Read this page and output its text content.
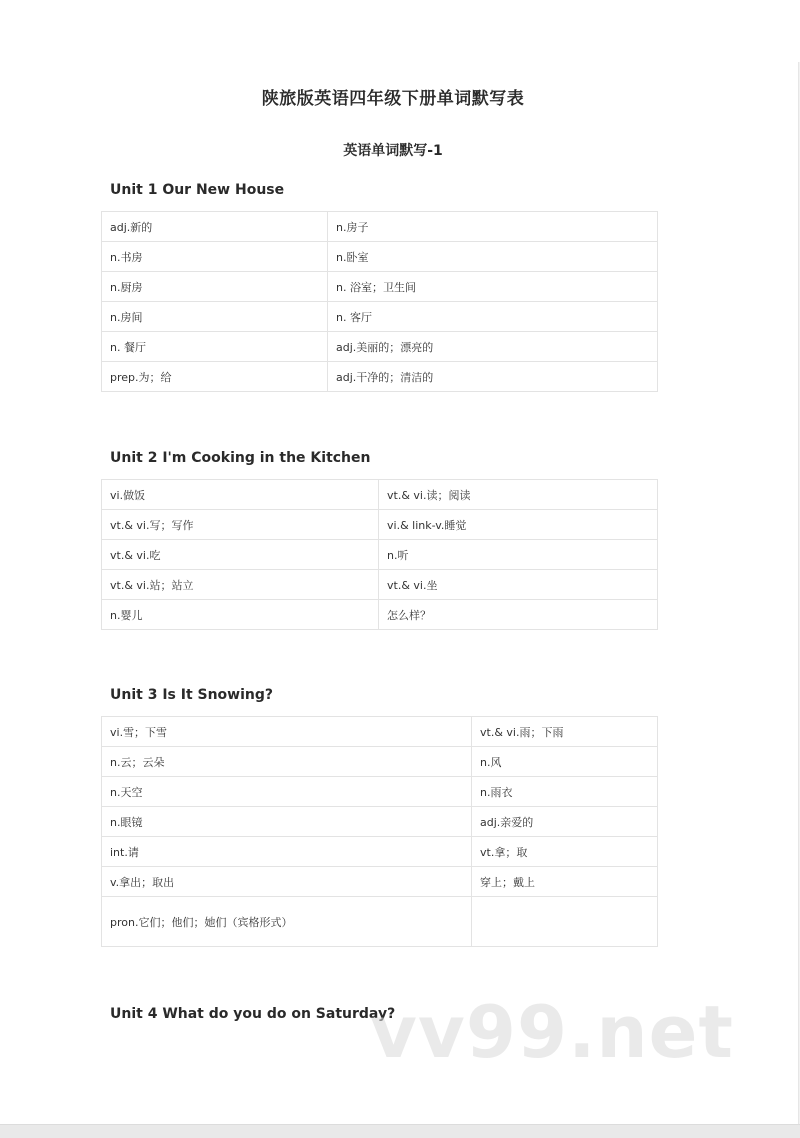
陕旅版英语四年级下册单词默写表
英语单词默写-1
Unit 1 Our New House
adj.新的	n.房子
n.书房	n.卧室
n.厨房	n. 浴室；卫生间
n.房间	n. 客厅
n. 餐厅	adj.美丽的；漂亮的
prep.为；给	adj.干净的；清洁的
Unit 2 I'm Cooking in the Kitchen
vi.做饭	vt.& vi.读；阅读
vt.& vi.写；写作	vi.& link-v.睡觉
vt.& vi.吃	n.听
vt.& vi.站；站立	vt.& vi.坐
n.婴儿	怎么样？
Unit 3 Is It Snowing?
vi.雪；下雪	vt.& vi.雨；下雨
n.云；云朵	n.风
n.天空	n.雨衣
n.眼镜	adj.亲爱的
int.请	vt.拿；取
v.拿出；取出	穿上；戴上
pron.它们；他们；她们（宾格形式）	
Unit 4 What do you do on Saturday?
vv99.net
